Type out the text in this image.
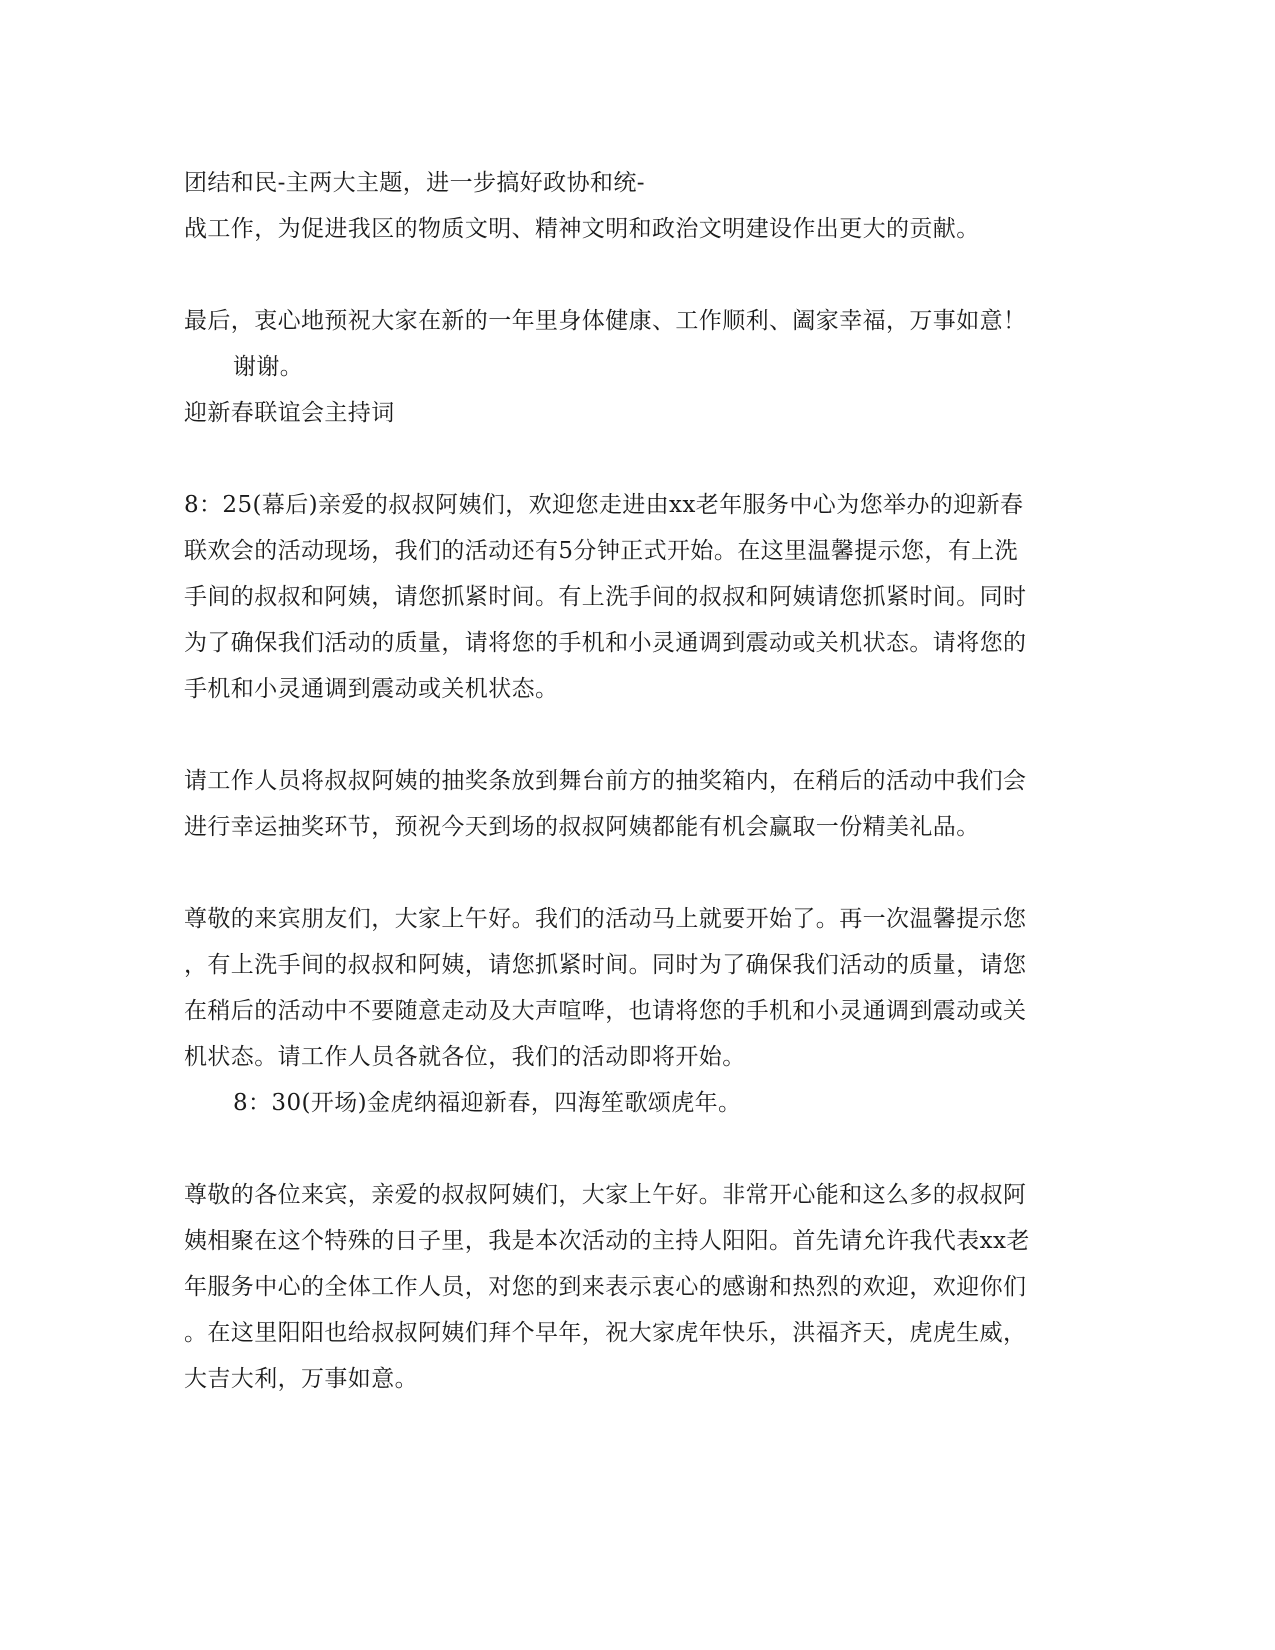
团结和民-主两大主题，进一步搞好政协和统-

战工作，为促进我区的物质文明、精神文明和政治文明建设作出更大的贡献。

最后，衷心地预祝大家在新的一年里身体健康、工作顺利、阖家幸福，万事如意！

谢谢。

迎新春联谊会主持词

8：25(幕后)亲爱的叔叔阿姨们，欢迎您走进由xx老年服务中心为您举办的迎新春

联欢会的活动现场，我们的活动还有5分钟正式开始。在这里温馨提示您，有上洗

手间的叔叔和阿姨，请您抓紧时间。有上洗手间的叔叔和阿姨请您抓紧时间。同时

为了确保我们活动的质量，请将您的手机和小灵通调到震动或关机状态。请将您的

手机和小灵通调到震动或关机状态。

请工作人员将叔叔阿姨的抽奖条放到舞台前方的抽奖箱内，在稍后的活动中我们会

进行幸运抽奖环节，预祝今天到场的叔叔阿姨都能有机会赢取一份精美礼品。

尊敬的来宾朋友们，大家上午好。我们的活动马上就要开始了。再一次温馨提示您

，有上洗手间的叔叔和阿姨，请您抓紧时间。同时为了确保我们活动的质量，请您

在稍后的活动中不要随意走动及大声喧哗，也请将您的手机和小灵通调到震动或关

机状态。请工作人员各就各位，我们的活动即将开始。

8：30(开场)金虎纳福迎新春，四海笙歌颂虎年。

尊敬的各位来宾，亲爱的叔叔阿姨们，大家上午好。非常开心能和这么多的叔叔阿

姨相聚在这个特殊的日子里，我是本次活动的主持人阳阳。首先请允许我代表xx老

年服务中心的全体工作人员，对您的到来表示衷心的感谢和热烈的欢迎，欢迎你们

。在这里阳阳也给叔叔阿姨们拜个早年，祝大家虎年快乐，洪福齐天，虎虎生威，

大吉大利，万事如意。
